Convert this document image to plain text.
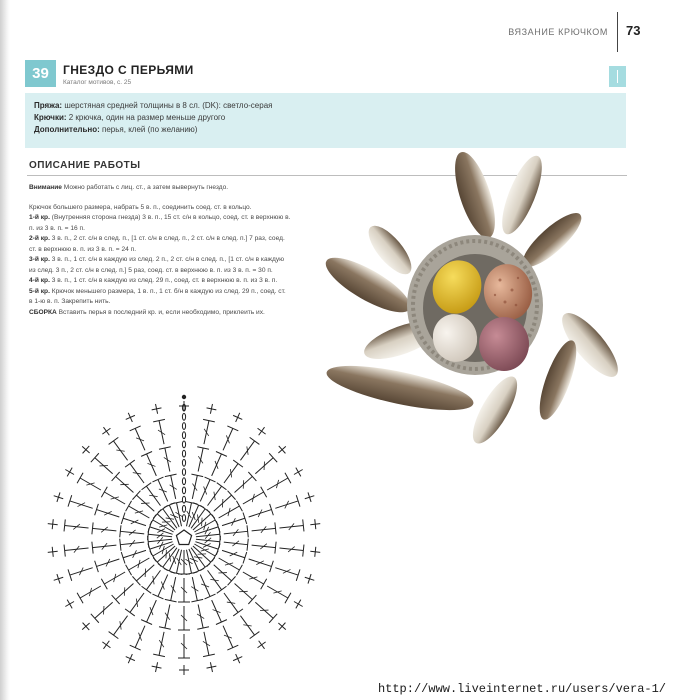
ВЯЗАНИЕ КРЮЧКОМ 73
39	ГНЕЗДО С ПЕРЬЯМИ
Каталог мотивов, с. 25
Пряжа: шерстяная средней толщины в 8 сл. (DK): светло-серая
Крючки: 2 крючка, один на размер меньше другого
Дополнительно: перья, клей (по желанию)
ОПИСАНИЕ РАБОТЫ

Внимание Можно работать с лиц. ст., а затем вывернуть гнездо.

Крючок большего размера, набрать 5 в. п., соединить соед. ст. в кольцо.

1-й кр. (Внутренняя сторона гнезда) 3 в. п., 15 ст. с/н в кольцо, соед. ст. в верхнюю в. п. из 3 в. п. = 16 п.

2-й кр. 3 в. п., 2 ст. с/н в след. п., [1 ст. с/н в след. п., 2 ст. с/н в след. п.] 7 раз, соед. ст. в верхнюю в. п. из 3 в. п. = 24 п.

3-й кр. 3 в. п., 1 ст. с/н в каждую из след. 2 п., 2 ст. с/н в след. п., [1 ст. с/н в каждую из след. 3 п., 2 ст. с/н в след. п.] 5 раз, соед. ст. в верхнюю в. п. из 3 в. п. = 30 п.

4-й кр. 3 в. п., 1 ст. с/н в каждую из след. 29 п., соед. ст. в верхнюю в. п. из 3 в. п.

5-й кр. Крючок меньшего размера, 1 в. п., 1 ст. б/н в каждую из след. 29 п., соед. ст. в 1-ю в. п. Закрепить нить.

СБОРКА Вставить перья в последний кр. и, если необходимо, приклеить их.

http://www.liveinternet.ru/users/vera-1/
